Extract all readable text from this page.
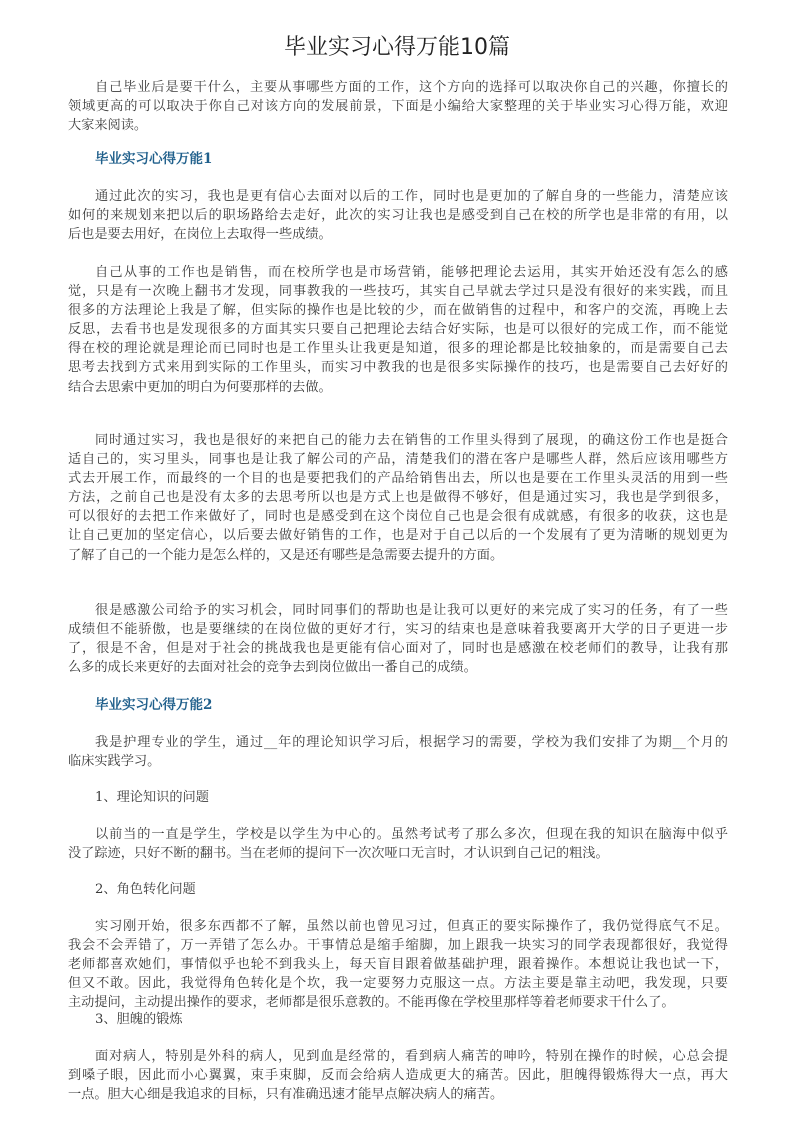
毕业实习心得万能10篇
自己毕业后是要干什么，主要从事哪些方面的工作，这个方向的选择可以取决你自己的兴趣，你擅长的
领域更高的可以取决于你自己对该方向的发展前景，下面是小编给大家整理的关于毕业实习心得万能，欢迎
大家来阅读。
毕业实习心得万能1
通过此次的实习，我也是更有信心去面对以后的工作，同时也是更加的了解自身的一些能力，清楚应该
如何的来规划来把以后的职场路给去走好，此次的实习让我也是感受到自己在校的所学也是非常的有用，以
后也是要去用好，在岗位上去取得一些成绩。
自己从事的工作也是销售，而在校所学也是市场营销，能够把理论去运用，其实开始还没有怎么的感
觉，只是有一次晚上翻书才发现，同事教我的一些技巧，其实自己早就去学过只是没有很好的来实践，而且
很多的方法理论上我是了解，但实际的操作也是比较的少，而在做销售的过程中，和客户的交流，再晚上去
反思，去看书也是发现很多的方面其实只要自己把理论去结合好实际，也是可以很好的完成工作，而不能觉
得在校的理论就是理论而已同时也是工作里头让我更是知道，很多的理论都是比较抽象的，而是需要自己去
思考去找到方式来用到实际的工作里头，而实习中教我的也是很多实际操作的技巧，也是需要自己去好好的
结合去思索中更加的明白为何要那样的去做。
同时通过实习，我也是很好的来把自己的能力去在销售的工作里头得到了展现，的确这份工作也是挺合
适自己的，实习里头，同事也是让我了解公司的产品，清楚我们的潜在客户是哪些人群，然后应该用哪些方
式去开展工作，而最终的一个目的也是要把我们的产品给销售出去，所以也是要在工作里头灵活的用到一些
方法，之前自己也是没有太多的去思考所以也是方式上也是做得不够好，但是通过实习，我也是学到很多，
可以很好的去把工作来做好了，同时也是感受到在这个岗位自己也是会很有成就感，有很多的收获，这也是
让自己更加的坚定信心，以后要去做好销售的工作，也是对于自己以后的一个发展有了更为清晰的规划更为
了解了自己的一个能力是怎么样的，又是还有哪些是急需要去提升的方面。
很是感激公司给予的实习机会，同时同事们的帮助也是让我可以更好的来完成了实习的任务，有了一些
成绩但不能骄傲，也是要继续的在岗位做的更好才行，实习的结束也是意味着我要离开大学的日子更进一步
了，很是不舍，但是对于社会的挑战我也是更能有信心面对了，同时也是感激在校老师们的教导，让我有那
么多的成长来更好的去面对社会的竞争去到岗位做出一番自己的成绩。
毕业实习心得万能2
我是护理专业的学生，通过__年的理论知识学习后，根据学习的需要，学校为我们安排了为期__个月的
临床实践学习。
1、理论知识的问题
以前当的一直是学生，学校是以学生为中心的。虽然考试考了那么多次，但现在我的知识在脑海中似乎
没了踪迹，只好不断的翻书。当在老师的提问下一次次哑口无言时，才认识到自己记的粗浅。
2、角色转化问题
实习刚开始，很多东西都不了解，虽然以前也曾见习过，但真正的要实际操作了，我仍觉得底气不足。
我会不会弄错了，万一弄错了怎么办。干事情总是缩手缩脚，加上跟我一块实习的同学表现都很好，我觉得
老师都喜欢她们，事情似乎也轮不到我头上，每天盲目跟着做基础护理，跟着操作。本想说让我也试一下，
但又不敢。因此，我觉得角色转化是个坎，我一定要努力克服这一点。方法主要是靠主动吧，我发现，只要
主动提问，主动提出操作的要求，老师都是很乐意教的。不能再像在学校里那样等着老师要求干什么了。
3、胆魄的锻炼
面对病人，特别是外科的病人，见到血是经常的，看到病人痛苦的呻吟，特别在操作的时候，心总会提
到嗓子眼，因此而小心翼翼，束手束脚，反而会给病人造成更大的痛苦。因此，胆魄得锻炼得大一点，再大
一点。胆大心细是我追求的目标，只有准确迅速才能早点解决病人的痛苦。
